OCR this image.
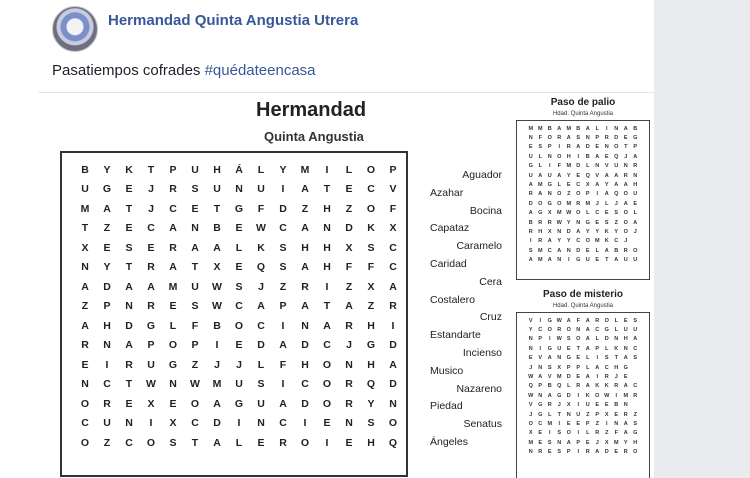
Hermandad Quinta Angustia Utrera
Pasatiempos cofrades #quédateencasa
Hermandad
Quinta Angustia
B	Y	K	T	P	U	H	Á	L	Y	M	I	L	O	P
U	G	E	J	R	S	U	N	U	I	A	T	E	C	V
M	A	T	J	C	E	T	G	F	D	Z	H	Z	O	F
T	Z	E	C	A	N	B	E	W	C	A	N	D	K	X
X	E	S	E	R	A	A	L	K	S	H	H	X	S	C
N	Y	T	R	A	T	X	E	Q	S	A	H	F	F	C
A	D	A	A	M	U	W	S	J	Z	R	I	Z	X	A
Z	P	N	R	E	S	W	C	A	P	A	T	A	Z	R
A	H	D	G	L	F	B	O	C	I	N	A	R	H	I
R	N	A	P	O	P	I	E	D	A	D	C	J	G	D
E	I	R	U	G	Z	J	J	L	F	H	O	N	H	A
N	C	T	W	N	W	M	U	S	I	C	O	R	Q	D
O	R	E	X	E	O	A	G	U	A	D	O	R	Y	N
C	U	N	I	X	C	D	I	N	C	I	E	N	S	O
O	Z	C	O	S	T	A	L	E	R	O	I	E	H	Q
Aguador
Azahar
Bocina
Capataz
Caramelo
Caridad
Cera
Costalero
Cruz
Estandarte
Incienso
Musico
Nazareno
Piedad
Senatus
Ángeles
Paso de palio
Hdad. Quinta Angustia
M	M	B	A	M	B	A	L	I	N	A	B
N	F	O	R	A	S	N	P	R	D	E	G
E	S	P	I	R	A	D	E	N	O	T	P
U	L	N	O	H	I	B	A	E	Q	J	A
G	L	I	F	M	D	L	N	V	U	N	R
U	A	U	A	Y	E	Q	V	A	A	R	N
A	M	G	L	E	C	X	A	Y	A	A	H
R	A	N	O	Z	O	P	I	A	Q	O	U
D	O	G	O	M	R	M	J	L	J	A	E
A	G	X	M	W	O	L	C	E	S	O	L
B	R	R	W	Y	N	G	E	S	Z	O	A
R	H	X	N	D	A	Y	Y	K	Y	O	J
I	R	A	Y	Y	C	O	M	K	C	J	
S	M	C	A	N	D	E	L	A	B	R	O
A	M	A	N	I	G	U	E	T	A	U	U
Paso de misterio
Hdad. Quinta Angustia
V	I	G	W	A	F	A	R	O	L	E	S
Y	C	O	R	O	N	A	C	G	L	U	U
N	P	I	W	S	O	A	L	D	N	H	A
N	I	G	U	E	T	A	P	L	K	N	C
E	V	A	N	G	E	L	I	S	T	A	S
J	N	S	X	P	P	L	A	C	H	G	
W	A	V	M	D	E	A	I	R	J	E	
Q	P	B	Q	L	R	A	K	K	R	A	C
W	N	A	G	D	I	K	O	W	I	M	R
V	G	R	J	X	I	U	E	E	B	N	
J	G	L	T	N	U	Z	P	X	E	R	Z
O	C	M	I	E	E	P	Z	I	N	A	S
X	E	I	S	O	I	L	R	Z	F	A	G
M	E	S	N	A	P	E	J	X	M	Y	H
N	R	E	S	P	I	R	A	D	E	R	O
